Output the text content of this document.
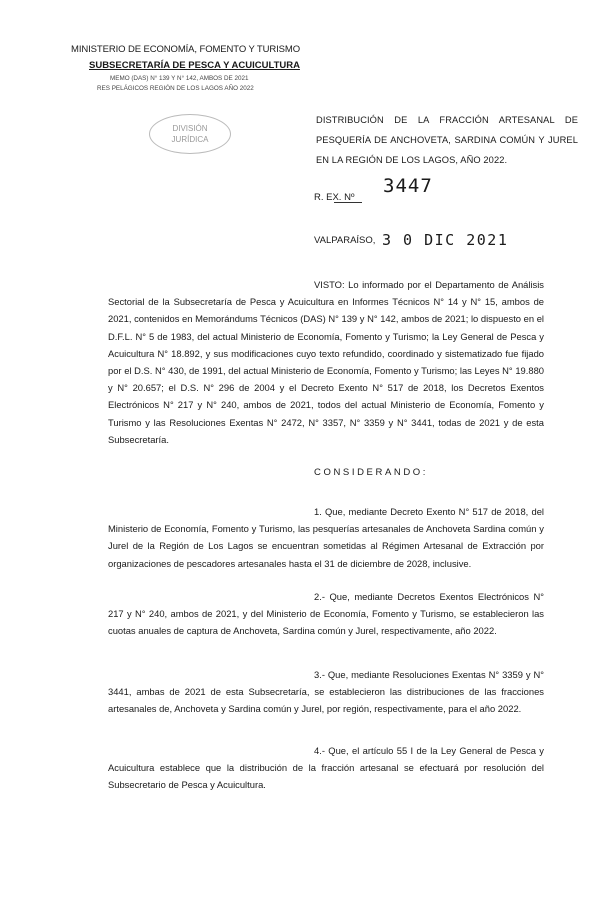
MINISTERIO DE ECONOMÍA, FOMENTO Y TURISMO
SUBSECRETARÍA DE PESCA Y ACUICULTURA
MEMO (DAS) N° 139 Y N° 142, AMBOS DE 2021
RES PELÁGICOS REGIÓN DE LOS LAGOS AÑO 2022
DIVISIÓN
JURÍDICA
DISTRIBUCIÓN DE LA FRACCIÓN ARTESANAL DE PESQUERÍA DE ANCHOVETA, SARDINA COMÚN Y JUREL EN LA REGIÓN DE LOS LAGOS, AÑO 2022.
R. EX. Nº
3447
VALPARAÍSO, 3 0 DIC 2021
VISTO: Lo informado por el Departamento de Análisis Sectorial de la Subsecretaría de Pesca y Acuicultura en Informes Técnicos N° 14 y N° 15, ambos de 2021, contenidos en Memorándums Técnicos (DAS) N° 139 y N° 142, ambos de 2021; lo dispuesto en el D.F.L. N° 5 de 1983, del actual Ministerio de Economía, Fomento y Turismo; la Ley General de Pesca y Acuicultura N° 18.892, y sus modificaciones cuyo texto refundido, coordinado y sistematizado fue fijado por el D.S. N° 430, de 1991, del actual Ministerio de Economía, Fomento y Turismo; las Leyes N° 19.880 y N° 20.657; el D.S. N° 296 de 2004 y el Decreto Exento N° 517 de 2018, los Decretos Exentos Electrónicos N° 217 y N° 240, ambos de 2021, todos del actual Ministerio de Economía, Fomento y Turismo y las Resoluciones Exentas N° 2472, N° 3357, N° 3359 y N° 3441, todas de 2021 y de esta Subsecretaría.
CONSIDERANDO:
1. Que, mediante Decreto Exento N° 517 de 2018, del Ministerio de Economía, Fomento y Turismo, las pesquerías artesanales de Anchoveta Sardina común y Jurel de la Región de Los Lagos se encuentran sometidas al Régimen Artesanal de Extracción por organizaciones de pescadores artesanales hasta el 31 de diciembre de 2028, inclusive.
2.- Que, mediante Decretos Exentos Electrónicos N° 217 y N° 240, ambos de 2021, y del Ministerio de Economía, Fomento y Turismo, se establecieron las cuotas anuales de captura de Anchoveta, Sardina común y Jurel, respectivamente, año 2022.
3.- Que, mediante Resoluciones Exentas N° 3359 y N° 3441, ambas de 2021 de esta Subsecretaría, se establecieron las distribuciones de las fracciones artesanales de, Anchoveta y Sardina común y Jurel, por región, respectivamente, para el año 2022.
4.- Que, el artículo 55 I de la Ley General de Pesca y Acuicultura establece que la distribución de la fracción artesanal se efectuará por resolución del Subsecretario de Pesca y Acuicultura.
